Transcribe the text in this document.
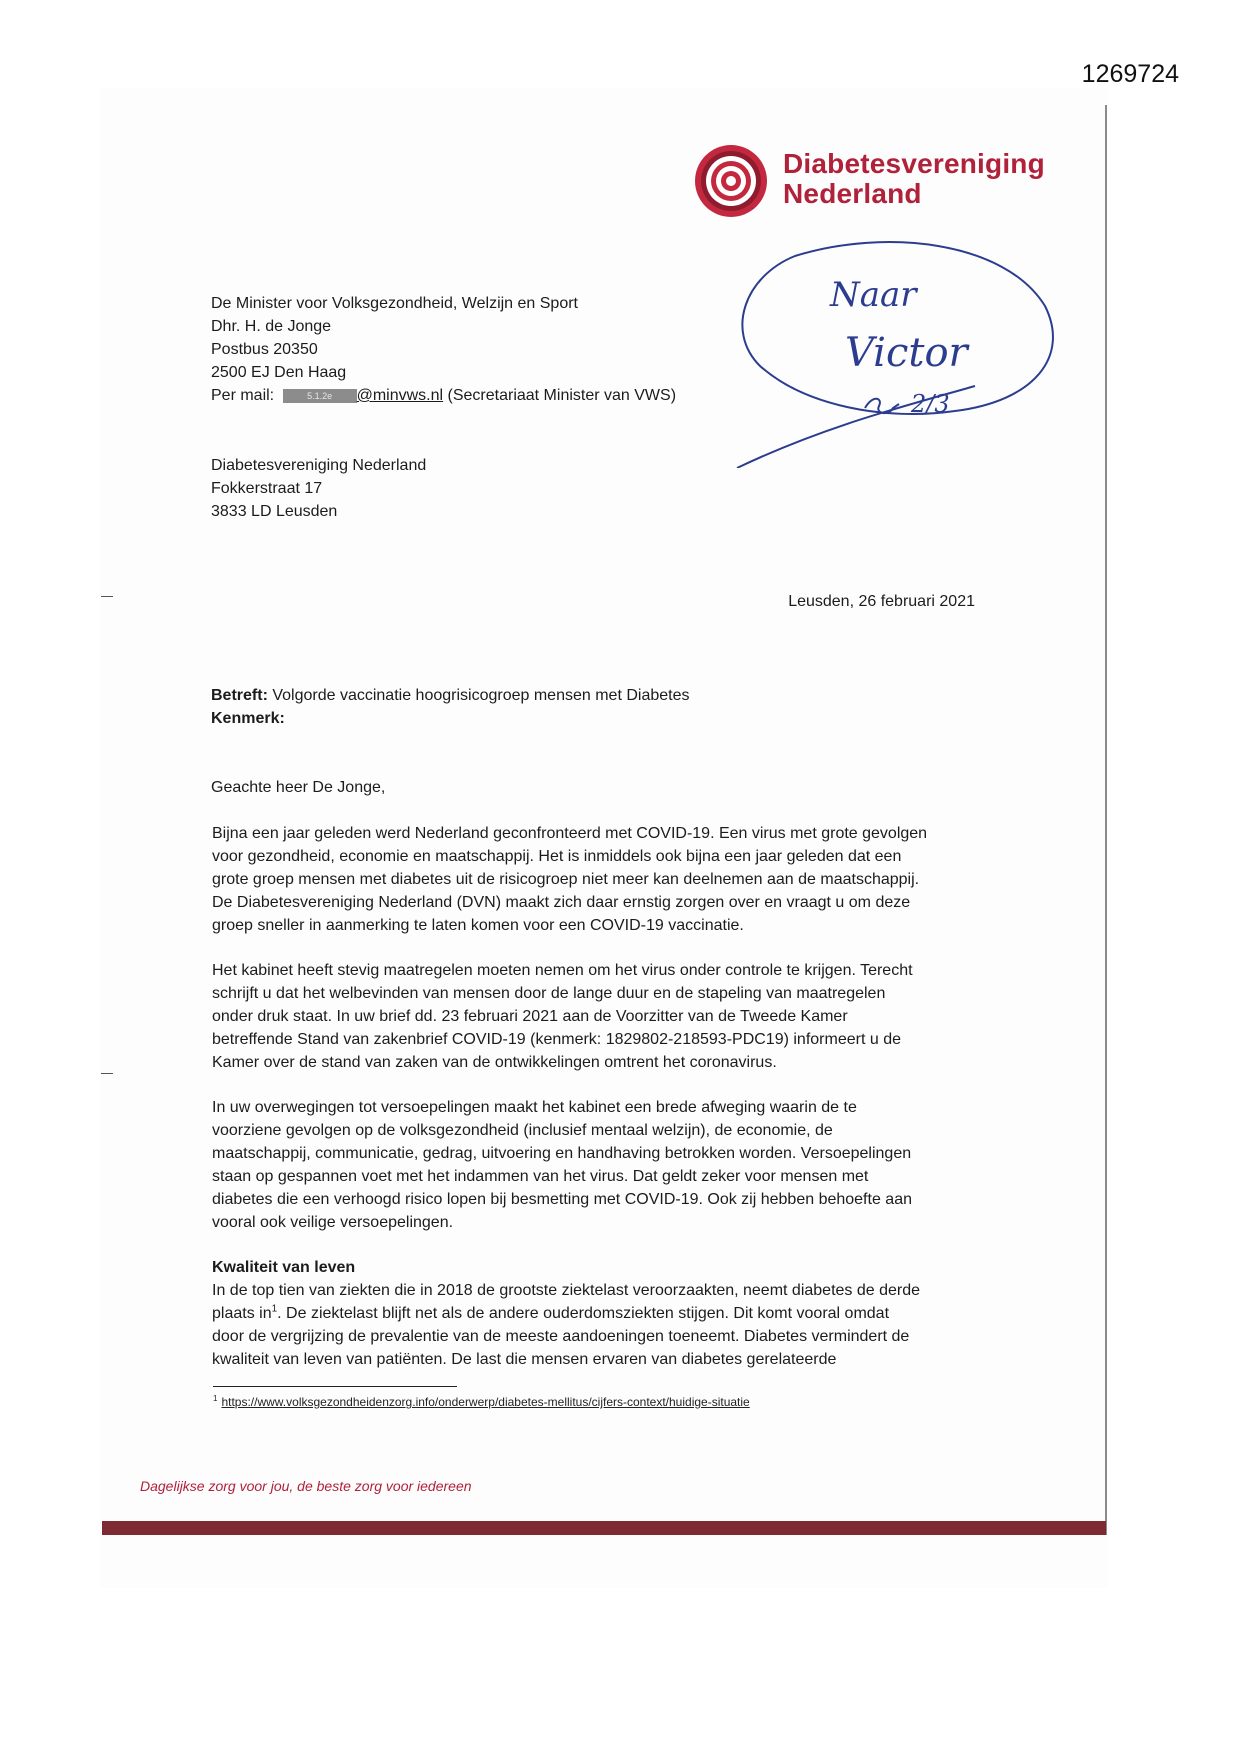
1269724
Diabetesvereniging
Nederland
Naar
Victor
2/3
De Minister voor Volksgezondheid, Welzijn en Sport
Dhr. H. de Jonge
Postbus 20350
2500 EJ Den Haag
Per mail:	5.1.2e @minvws.nl (Secretariaat Minister van VWS)
Diabetesvereniging Nederland
Fokkerstraat 17
3833 LD Leusden
Leusden, 26 februari 2021
Betreft: Volgorde vaccinatie hoogrisicogroep mensen met Diabetes
Kenmerk:
Geachte heer De Jonge,
Bijna een jaar geleden werd Nederland geconfronteerd met COVID-19. Een virus met grote gevolgen
voor gezondheid, economie en maatschappij. Het is inmiddels ook bijna een jaar geleden dat een
grote groep mensen met diabetes uit de risicogroep niet meer kan deelnemen aan de maatschappij.
De Diabetesvereniging Nederland (DVN) maakt zich daar ernstig zorgen over en vraagt u om deze
groep sneller in aanmerking te laten komen voor een COVID-19 vaccinatie.
Het kabinet heeft stevig maatregelen moeten nemen om het virus onder controle te krijgen. Terecht
schrijft u dat het welbevinden van mensen door de lange duur en de stapeling van maatregelen
onder druk staat. In uw brief dd. 23 februari 2021 aan de Voorzitter van de Tweede Kamer
betreffende Stand van zakenbrief COVID-19 (kenmerk: 1829802-218593-PDC19) informeert u de
Kamer over de stand van zaken van de ontwikkelingen omtrent het coronavirus.
In uw overwegingen tot versoepelingen maakt het kabinet een brede afweging waarin de te
voorziene gevolgen op de volksgezondheid (inclusief mentaal welzijn), de economie, de
maatschappij, communicatie, gedrag, uitvoering en handhaving betrokken worden. Versoepelingen
staan op gespannen voet met het indammen van het virus. Dat geldt zeker voor mensen met
diabetes die een verhoogd risico lopen bij besmetting met COVID-19. Ook zij hebben behoefte aan
vooral ook veilige versoepelingen.
Kwaliteit van leven
In de top tien van ziekten die in 2018 de grootste ziektelast veroorzaakten, neemt diabetes de derde
plaats in$^1$. De ziektelast blijft net als de andere ouderdomsziekten stijgen. Dit komt vooral omdat
door de vergrijzing de prevalentie van de meeste aandoeningen toeneemt. Diabetes vermindert de
kwaliteit van leven van patiënten. De last die mensen ervaren van diabetes gerelateerde
$^1$ https://www.volksgezondheidenzorg.info/onderwerp/diabetes-mellitus/cijfers-context/huidige-situatie
Dagelijkse zorg voor jou, de beste zorg voor iedereen
